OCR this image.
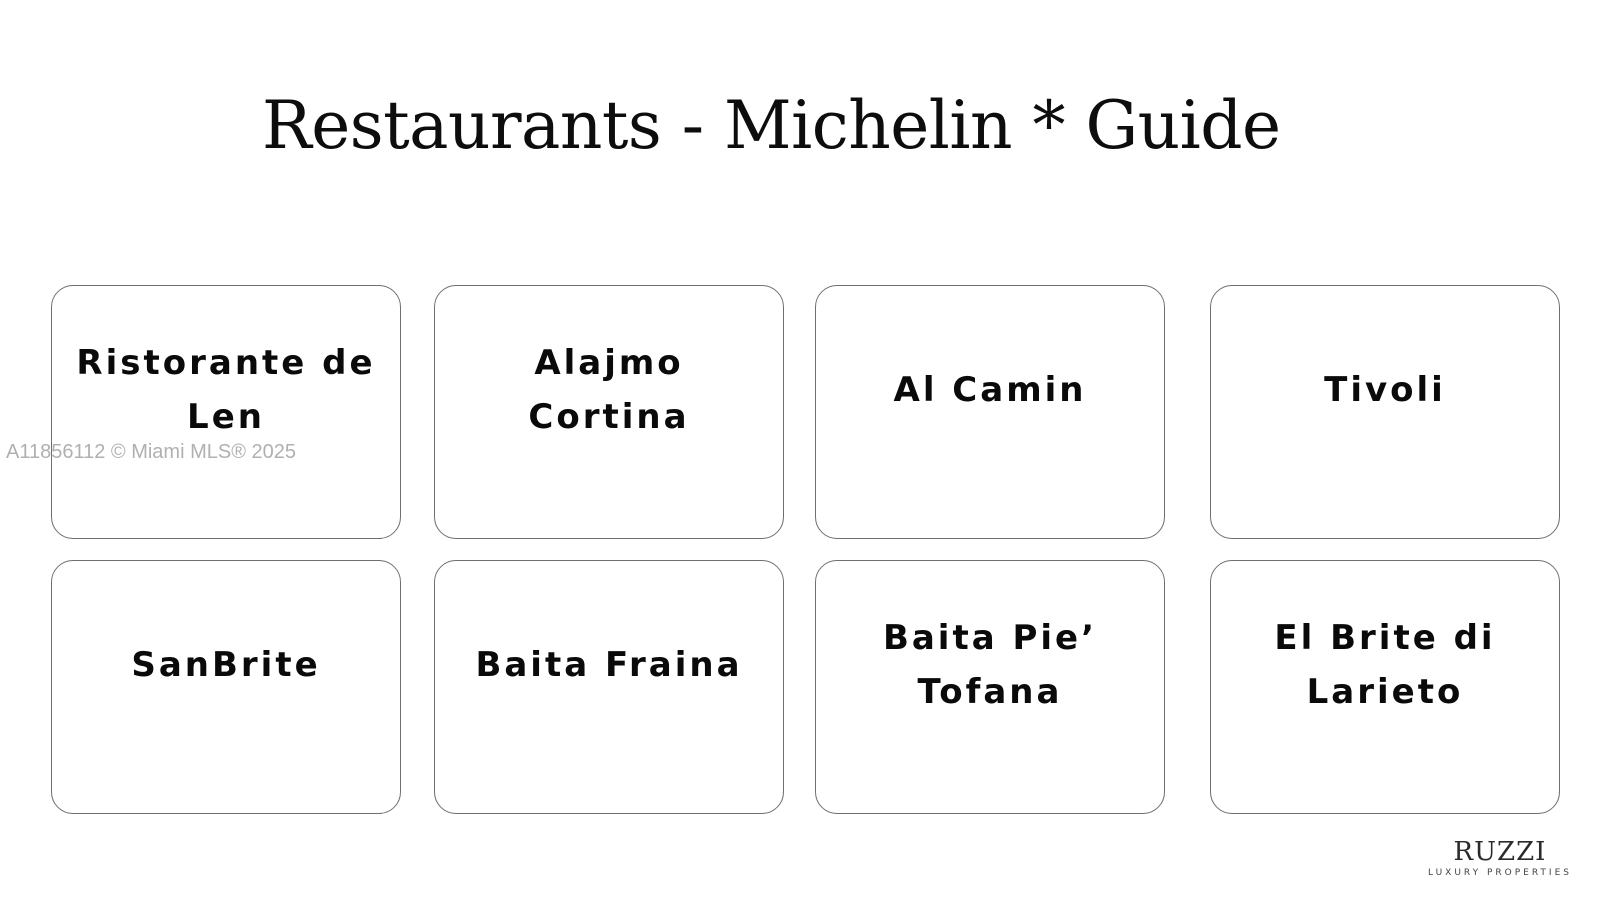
Restaurants - Michelin * Guide
Ristorante de Len
Alajmo Cortina
Al Camin	Tivoli
SanBrite	Baita Fraina
Baita Pie’ Tofana
El Brite di Larieto
A11856112 © Miami MLS® 2025
RUZZI
LUXURY PROPERTIES
